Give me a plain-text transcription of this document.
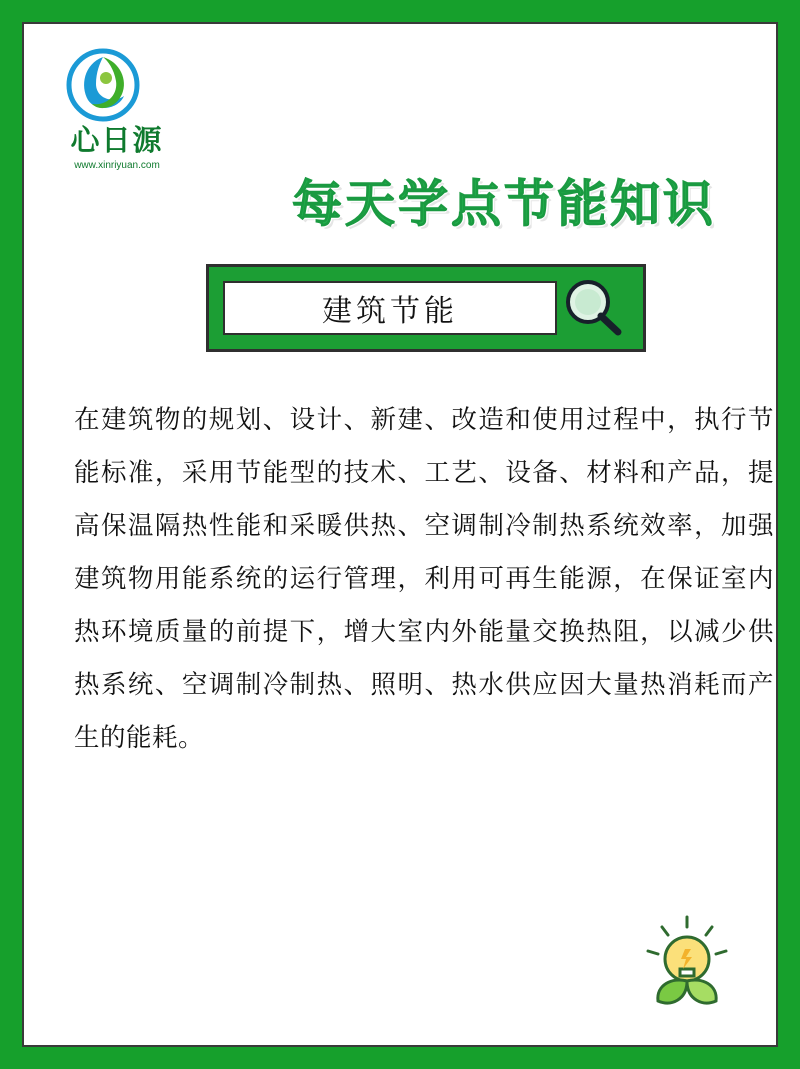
心日源
www.xinriyuan.com
每天学点节能知识
建筑节能

在建筑物的规划、设计、新建、改造和使用过程中，执行节能标准，采用节能型的技术、工艺、设备、材料和产品，提高保温隔热性能和采暖供热、空调制冷制热系统效率，加强建筑物用能系统的运行管理，利用可再生能源，在保证室内热环境质量的前提下，增大室内外能量交换热阻，以减少供热系统、空调制冷制热、照明、热水供应因大量热消耗而产生的能耗。
